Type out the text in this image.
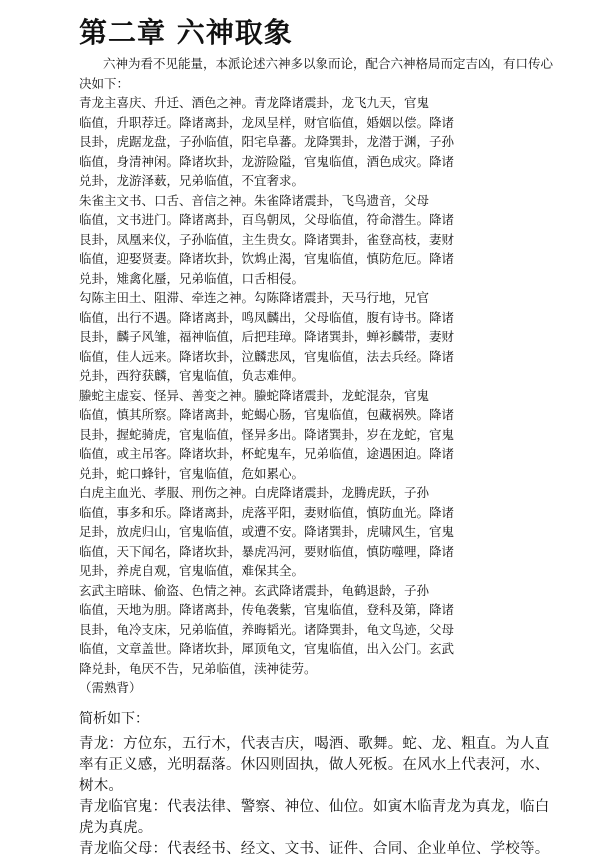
第二章 六神取象

六神为看不见能量，本派论述六神多以象而论，配合六神格局而定吉凶，有口传心决如下：

青龙主喜庆、升迁、酒色之神。青龙降诸震卦，龙飞九天，官鬼

临值，升职荐迁。降诸离卦，龙凤呈样，财官临值，婚姻以偿。降诸

艮卦，虎踞龙盘，子孙临值，阳宅阜蕃。龙降巽卦，龙潜于渊，子孙

临值，身清神闲。降诸坎卦，龙游险隘，官鬼临值，酒色成灾。降诸

兑卦，龙游泽薮，兄弟临值，不宜奢求。

朱雀主文书、口舌、音信之神。朱雀降诸震卦，飞鸟遗音，父母

临值，文书进门。降诸离卦，百鸟朝凤，父母临值，符命潜生。降诸

艮卦，凤凰来仪，子孙临值，主生贵女。降诸巽卦，雀登高枝，妻财

临值，迎娶贤妻。降诸坎卦，饮鸩止渴，官鬼临值，慎防危厄。降诸

兑卦，雉禽化蜃，兄弟临值，口舌相侵。

勾陈主田土、阻滞、牵连之神。勾陈降诸震卦，天马行地，兄官

临值，出行不遇。降诸离卦，鸣凤麟出，父母临值，腹有诗书。降诸

艮卦，麟子风雏，福神临值，后把珪璋。降诸巽卦，蝉衫麟带，妻财

临值，佳人远来。降诸坎卦，泣麟悲凤，官鬼临值，法去兵经。降诸

兑卦，西狩获麟，官鬼临值，负志难伸。

螣蛇主虚妄、怪异、善变之神。螣蛇降诸震卦，龙蛇混杂，官鬼

临值，慎其所察。降诸离卦，蛇蝎心肠，官鬼临值，包藏祸殃。降诸

艮卦，握蛇骑虎，官鬼临值，怪异多出。降诸巽卦，岁在龙蛇，官鬼

临值，或主吊客。降诸坎卦，杯蛇鬼车，兄弟临值，途遇困迫。降诸

兑卦，蛇口蜂针，官鬼临值，危如累心。

白虎主血光、孝服、刑伤之神。白虎降诸震卦，龙腾虎跃，子孙

临值，事多和乐。降诸离卦，虎落平阳，妻财临值，慎防血光。降诸

足卦，放虎归山，官鬼临值，或遭不安。降诸巽卦，虎啸风生，官鬼

临值，天下闻名，降诸坎卦，暴虎冯河，要财临值，慎防噬哩，降诸

见卦，养虎自观，官鬼临值，难保其全。

玄武主暗昧、偷盗、色情之神。玄武降诸震卦，龟鹤退龄，子孙

临值，天地为朋。降诸离卦，传龟袭紫，官鬼临值，登科及第，降诸

艮卦，龟冷支床，兄弟临值，养晦韬光。诸降巽卦，龟文鸟迹，父母

临值，文章盖世。降诸坎卦，犀顶龟文，官鬼临值，出入公门。玄武

降兑卦，龟厌不告，兄弟临值，渎神徒劳。

（需熟背）

简析如下：

青龙：方位东，五行木，代表吉庆，喝酒、歌舞。蛇、龙、粗直。为人直率有正义感，光明磊落。休囚则固执，做人死板。在风水上代表河，水、树木。

青龙临官鬼：代表法律、警察、神位、仙位。如寅木临青龙为真龙，临白虎为真虎。

青龙临父母：代表经书、经文、文书、证件、合同、企业单位、学校等。
